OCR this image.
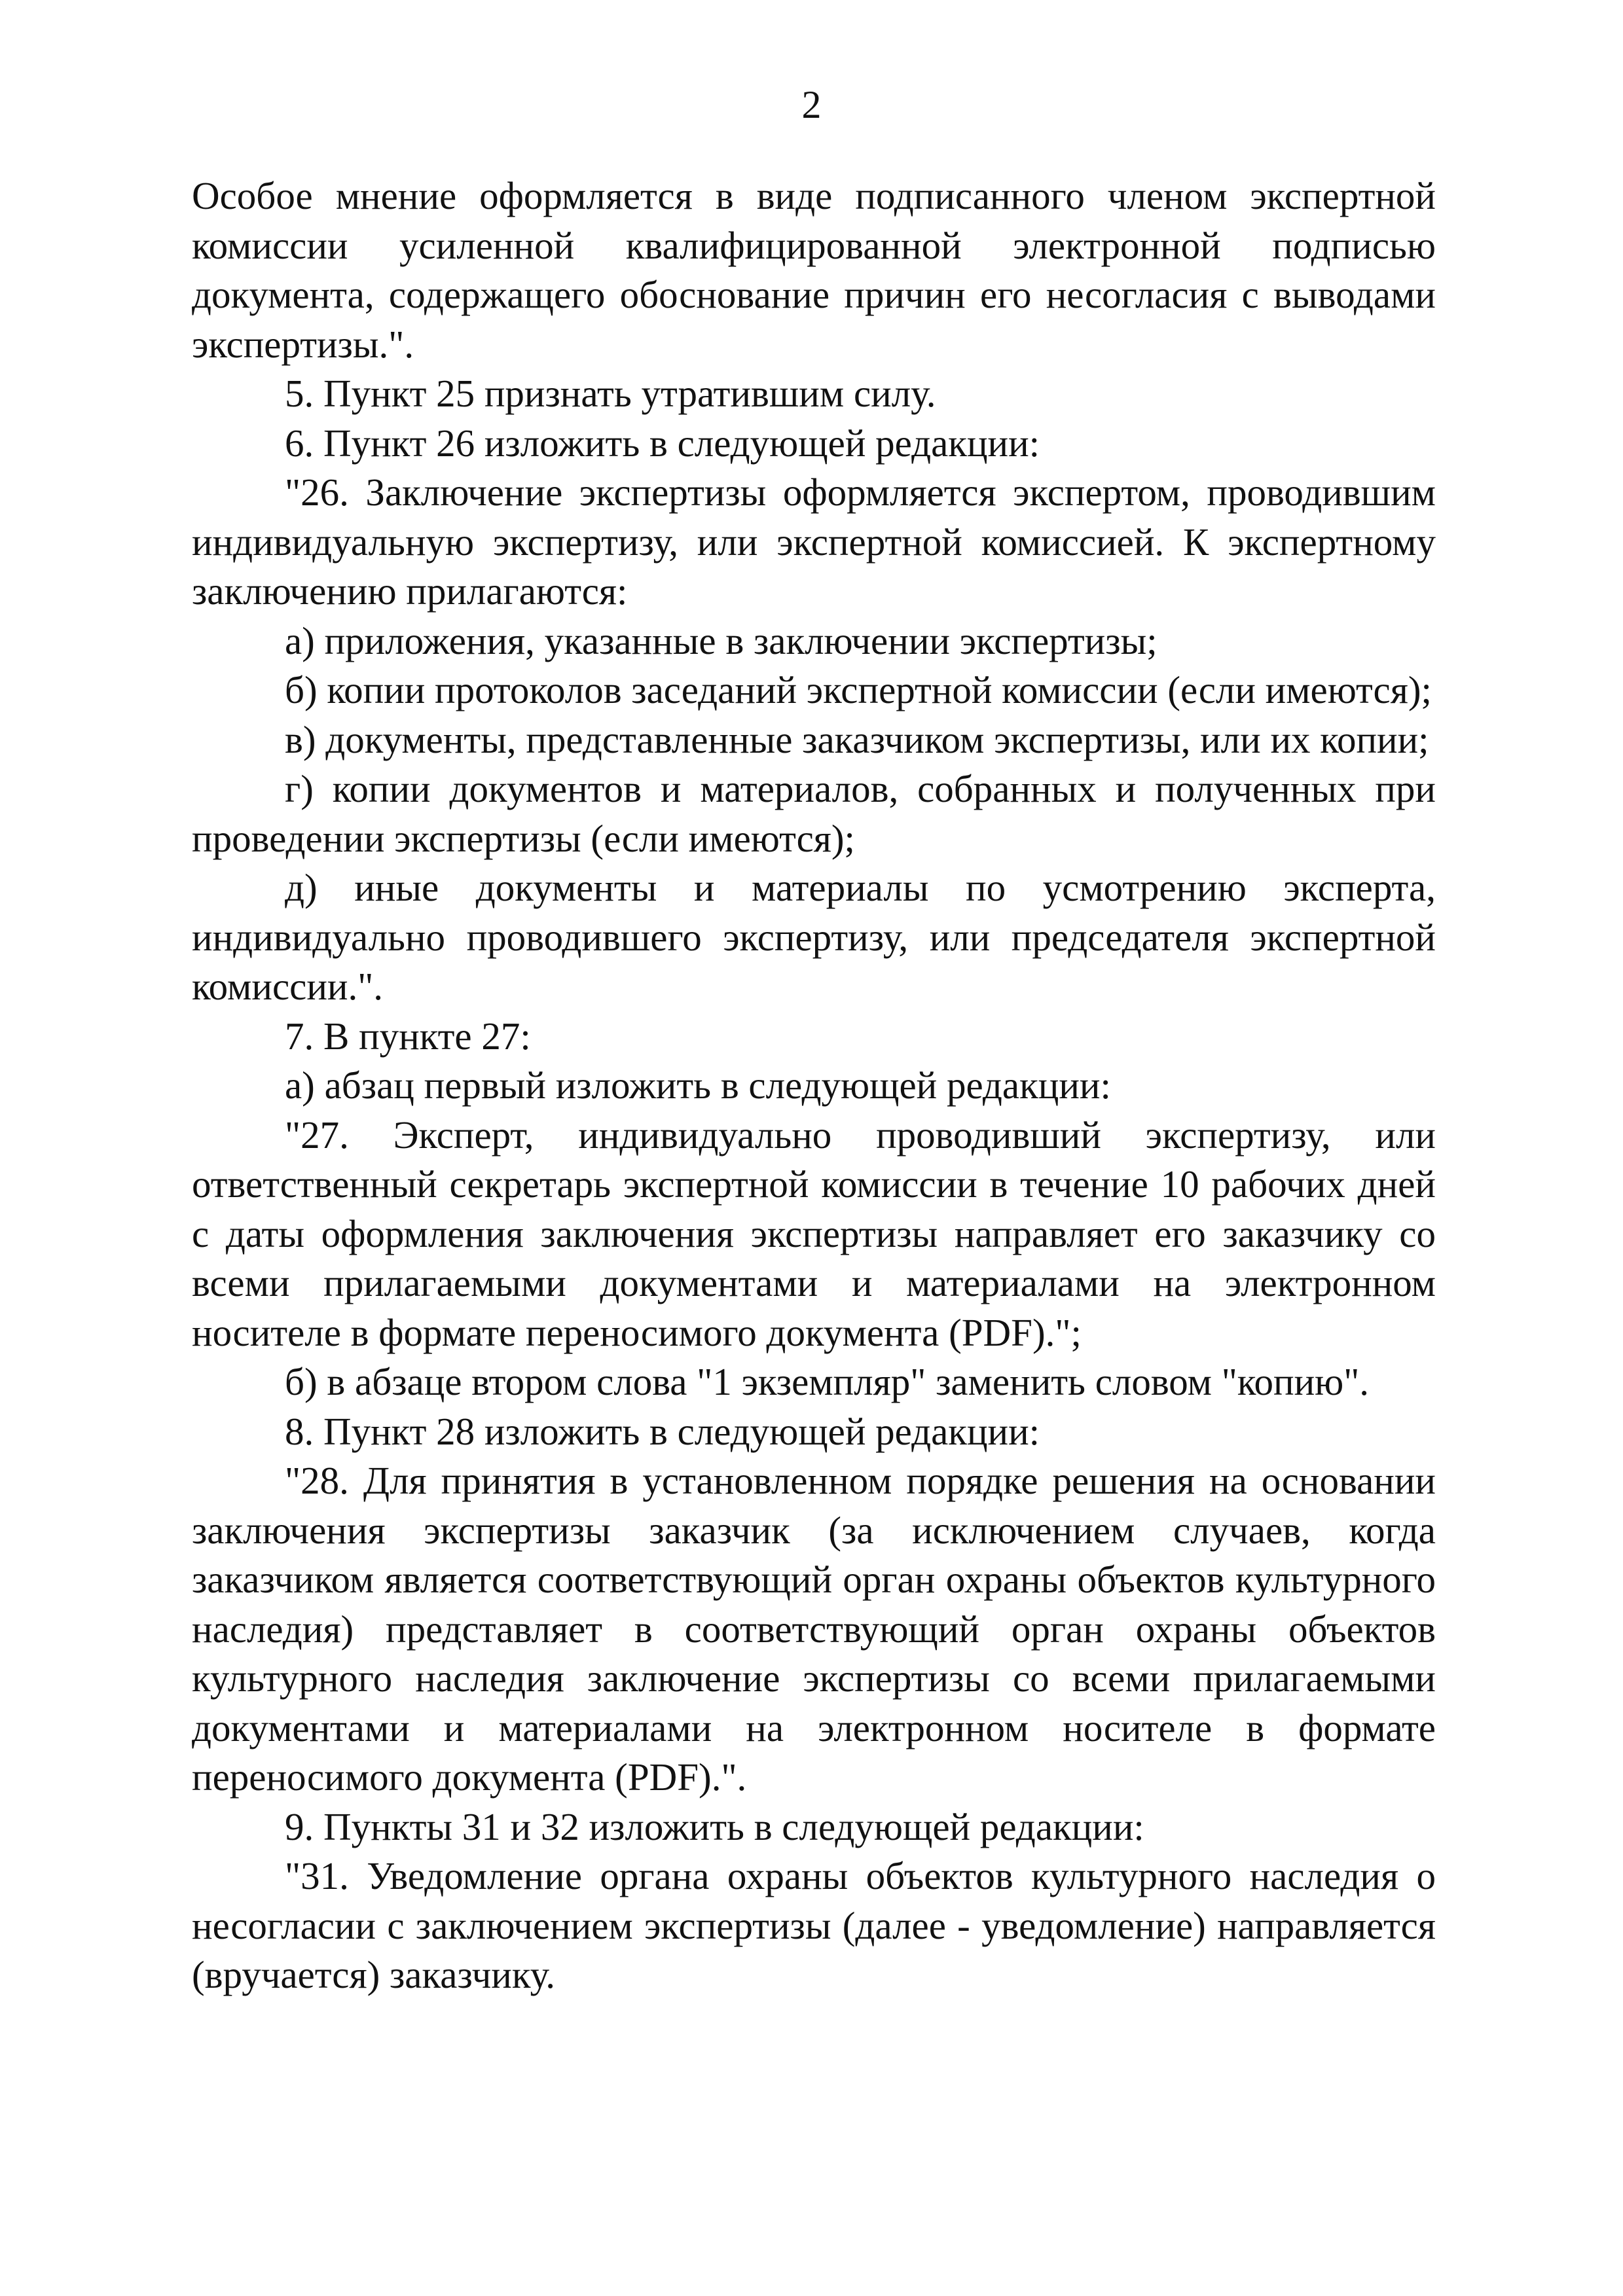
2

Особое мнение оформляется в виде подписанного членом экспертной комиссии усиленной квалифицированной электронной подписью документа, содержащего обоснование причин его несогласия с выводами экспертизы.".

5. Пункт 25 признать утратившим силу.

6. Пункт 26 изложить в следующей редакции:

"26. Заключение экспертизы оформляется экспертом, проводившим индивидуальную экспертизу, или экспертной комиссией. К экспертному заключению прилагаются:

а) приложения, указанные в заключении экспертизы;

б) копии протоколов заседаний экспертной комиссии (если имеются);

в) документы, представленные заказчиком экспертизы, или их копии;

г) копии документов и материалов, собранных и полученных при проведении экспертизы (если имеются);

д) иные документы и материалы по усмотрению эксперта, индивидуально проводившего экспертизу, или председателя экспертной комиссии.".

7. В пункте 27:

а) абзац первый изложить в следующей редакции:

"27. Эксперт, индивидуально проводивший экспертизу, или ответственный секретарь экспертной комиссии в течение 10 рабочих дней с даты оформления заключения экспертизы направляет его заказчику со всеми прилагаемыми документами и материалами на электронном носителе в формате переносимого документа (PDF).";

б) в абзаце втором слова "1 экземпляр" заменить словом "копию".

8. Пункт 28 изложить в следующей редакции:

"28. Для принятия в установленном порядке решения на основании заключения экспертизы заказчик (за исключением случаев, когда заказчиком является соответствующий орган охраны объектов культурного наследия) представляет в соответствующий орган охраны объектов культурного наследия заключение экспертизы со всеми прилагаемыми документами и материалами на электронном носителе в формате переносимого документа (PDF).".

9. Пункты 31 и 32 изложить в следующей редакции:

"31. Уведомление органа охраны объектов культурного наследия о несогласии с заключением экспертизы (далее - уведомление) направляется (вручается) заказчику.
